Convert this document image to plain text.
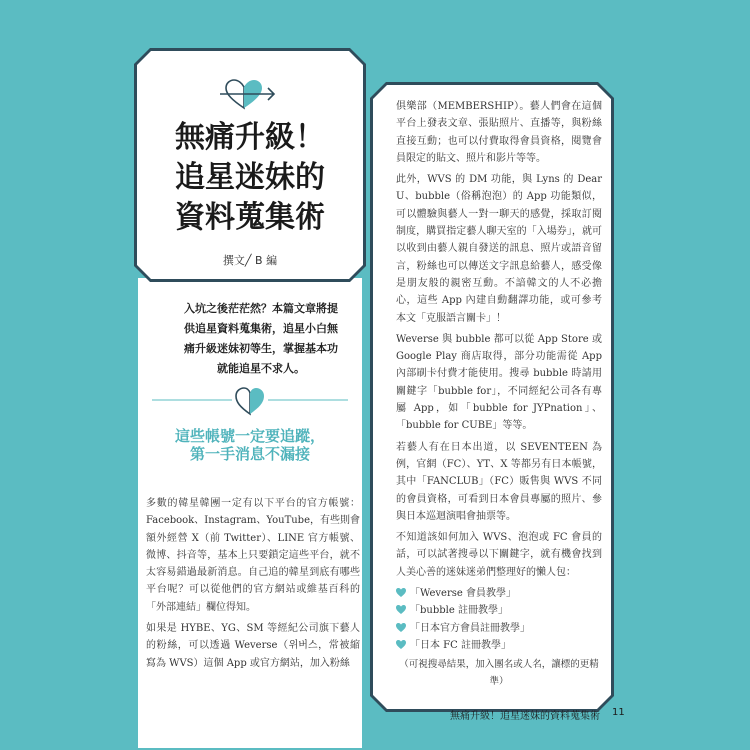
無痛升級！
追星迷妹的
資料蒐集術
撰文╱ B 編
入坑之後茫茫然？本篇文章將提
供追星資料蒐集術，追星小白無
痛升級迷妹初等生，掌握基本功
就能追星不求人。
這些帳號一定要追蹤，
第一手消息不漏接

多數的韓星韓團一定有以下平台的官方帳號：Facebook、Instagram、YouTube，有些則會額外經營 X（前 Twitter）、LINE 官方帳號、微博、抖音等，基本上只要鎖定這些平台，就不太容易錯過最新消息。自己追的韓星到底有哪些平台呢？可以從他們的官方網站或維基百科的「外部連結」欄位得知。

如果是 HYBE、YG、SM 等經紀公司旗下藝人的粉絲，可以透過 Weverse（위버스，常被縮寫為 WVS）這個 App 或官方網站，加入粉絲

俱樂部（MEMBERSHIP）。藝人們會在這個平台上發表文章、張貼照片、直播等，與粉絲直接互動；也可以付費取得會員資格，閱覽會員限定的貼文、照片和影片等等。

此外，WVS 的 DM 功能，與 Lyns 的 Dear U、bubble（俗稱泡泡）的 App 功能類似，可以體驗與藝人一對一聊天的感覺，採取訂閱制度，購買指定藝人聊天室的「入場券」，就可以收到由藝人親自發送的訊息、照片或語音留言，粉絲也可以傳送文字訊息給藝人，感受像是朋友般的親密互動。不諳韓文的人不必擔心，這些 App 內建自動翻譯功能，或可參考本文「克服語言關卡」！

Weverse 與 bubble 都可以從 App Store 或 Google Play 商店取得，部分功能需從 App 內部刷卡付費才能使用。搜尋 bubble 時請用關鍵字「bubble for」，不同經紀公司各有專屬 App，如「bubble for JYPnation」、「bubble for CUBE」等等。

若藝人有在日本出道，以 SEVENTEEN 為例，官網（FC）、YT、X 等都另有日本帳號，其中「FANCLUB」（FC）販售與 WVS 不同的會員資格，可看到日本會員專屬的照片、參與日本巡迴演唱會抽票等。

不知道該如何加入 WVS、泡泡或 FC 會員的話，可以試著搜尋以下關鍵字，就有機會找到人美心善的迷妹迷弟們整理好的懶人包：

「Weverse 會員教學」
「bubble 註冊教學」
「日本官方會員註冊教學」
「日本 FC 註冊教學」
（可視搜尋結果，加入團名或人名，讓標的更精準）
無痛升級！追星迷妹的資料蒐集術 11
